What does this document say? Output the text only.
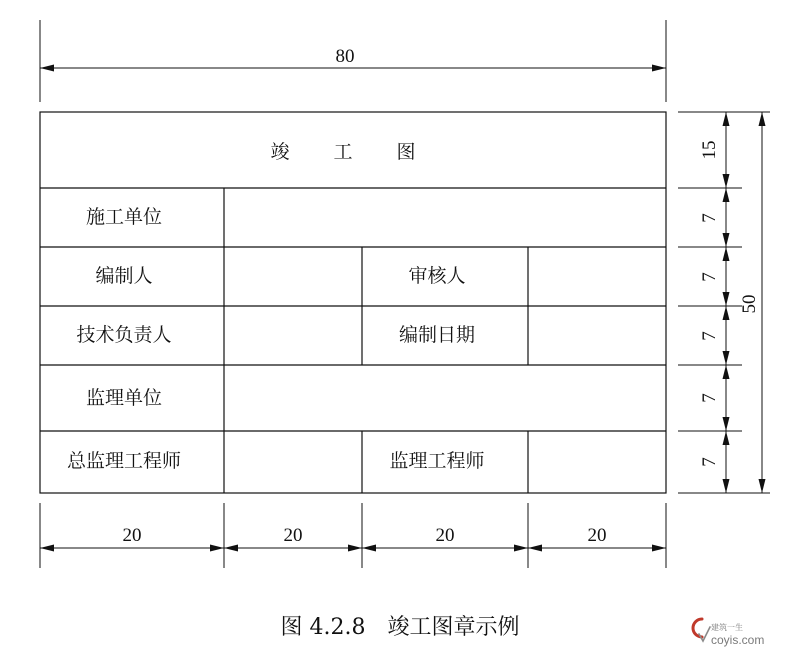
80
竣 工 图
施工单位
编制人	审核人
技术负责人	编制日期
监理单位
总监理工程师	监理工程师
20	20	20	20
15
7
7
7
7
7
50
图 4.2.8　竣工图章示例	建筑一生
coyis.com
